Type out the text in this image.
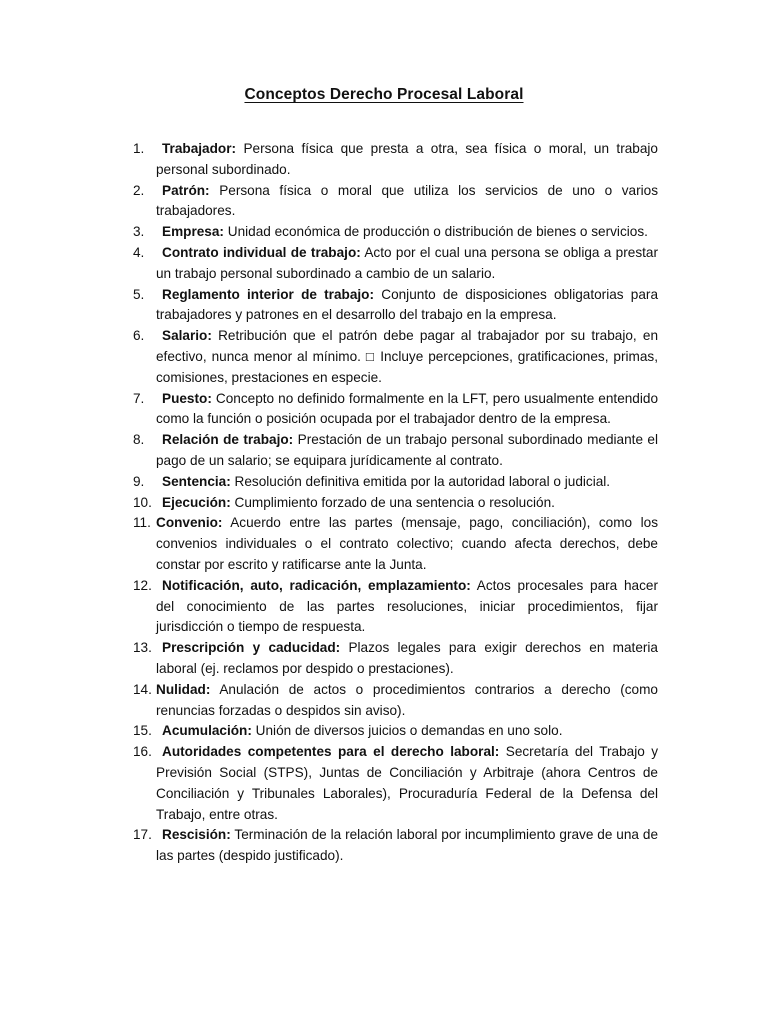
Conceptos Derecho Procesal Laboral
1. Trabajador: Persona física que presta a otra, sea física o moral, un trabajo personal subordinado.
2. Patrón: Persona física o moral que utiliza los servicios de uno o varios trabajadores.
3. Empresa: Unidad económica de producción o distribución de bienes o servicios.
4. Contrato individual de trabajo: Acto por el cual una persona se obliga a prestar un trabajo personal subordinado a cambio de un salario.
5. Reglamento interior de trabajo: Conjunto de disposiciones obligatorias para trabajadores y patrones en el desarrollo del trabajo en la empresa.
6. Salario: Retribución que el patrón debe pagar al trabajador por su trabajo, en efectivo, nunca menor al mínimo. □ Incluye percepciones, gratificaciones, primas, comisiones, prestaciones en especie.
7. Puesto: Concepto no definido formalmente en la LFT, pero usualmente entendido como la función o posición ocupada por el trabajador dentro de la empresa.
8. Relación de trabajo: Prestación de un trabajo personal subordinado mediante el pago de un salario; se equipara jurídicamente al contrato.
9. Sentencia: Resolución definitiva emitida por la autoridad laboral o judicial.
10. Ejecución: Cumplimiento forzado de una sentencia o resolución.
11. Convenio: Acuerdo entre las partes (mensaje, pago, conciliación), como los convenios individuales o el contrato colectivo; cuando afecta derechos, debe constar por escrito y ratificarse ante la Junta.
12. Notificación, auto, radicación, emplazamiento: Actos procesales para hacer del conocimiento de las partes resoluciones, iniciar procedimientos, fijar jurisdicción o tiempo de respuesta.
13. Prescripción y caducidad: Plazos legales para exigir derechos en materia laboral (ej. reclamos por despido o prestaciones).
14. Nulidad: Anulación de actos o procedimientos contrarios a derecho (como renuncias forzadas o despidos sin aviso).
15. Acumulación: Unión de diversos juicios o demandas en uno solo.
16. Autoridades competentes para el derecho laboral: Secretaría del Trabajo y Previsión Social (STPS), Juntas de Conciliación y Arbitraje (ahora Centros de Conciliación y Tribunales Laborales), Procuraduría Federal de la Defensa del Trabajo, entre otras.
17. Rescisión: Terminación de la relación laboral por incumplimiento grave de una de las partes (despido justificado).
